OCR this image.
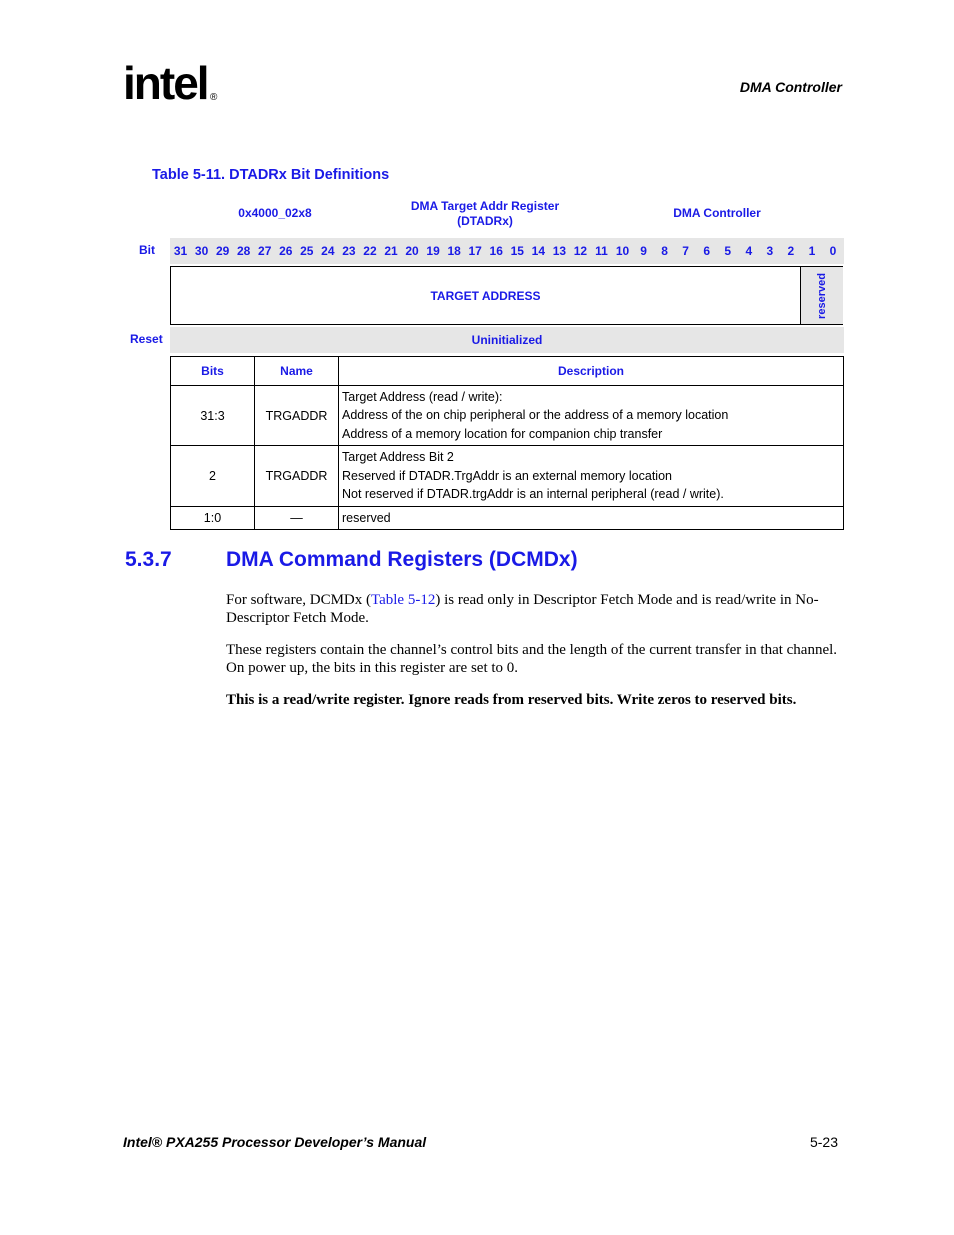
intel ®
DMA Controller
Table 5-11. DTADRx Bit Definitions
0x4000_02x8	DMA Target Addr Register
(DTADRx)
DMA Controller
Bit	31 30 29 28 27 26 25 24 23 22 21 20 19 18 17 16 15 14 13 12 11 10 9	8	7	6	5	4	3	2	1	0
TARGET ADDRESS	reserved
Reset	Uninitialized
Bits	Name	Description
31:3	TRGADDR	Target Address (read / write):
Address of the on chip peripheral or the address of a memory location
Address of a memory location for companion chip transfer

2	TRGADDR	Target Address Bit 2
Reserved if DTADR.TrgAddr is an external memory location
Not reserved if DTADR.trgAddr is an internal peripheral (read / write).

1:0	—	reserved
5.3.7	DMA Command Registers (DCMDx)
For software, DCMDx (Table 5-12) is read only in Descriptor Fetch Mode and is read/write in No-Descriptor Fetch Mode.
These registers contain the channel’s control bits and the length of the current transfer in that channel. On power up, the bits in this register are set to 0.
This is a read/write register. Ignore reads from reserved bits. Write zeros to reserved bits.
Intel® PXA255 Processor Developer’s Manual	5-23
